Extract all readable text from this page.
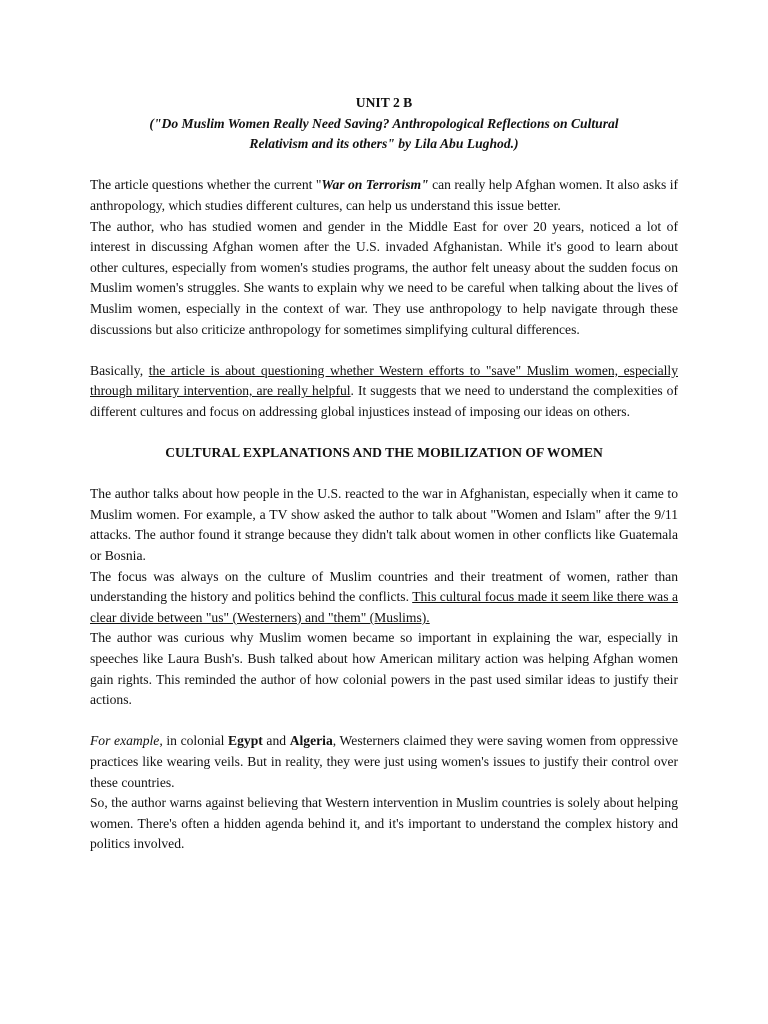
UNIT 2 B
("Do Muslim Women Really Need Saving? Anthropological Reflections on Cultural
Relativism and its others" by Lila Abu Lughod.)

The article questions whether the current "War on Terrorism" can really help Afghan women. It also asks if anthropology, which studies different cultures, can help us understand this issue better.

The author, who has studied women and gender in the Middle East for over 20 years, noticed a lot of interest in discussing Afghan women after the U.S. invaded Afghanistan. While it's good to learn about other cultures, especially from women's studies programs, the author felt uneasy about the sudden focus on Muslim women's struggles. She wants to explain why we need to be careful when talking about the lives of Muslim women, especially in the context of war. They use anthropology to help navigate through these discussions but also criticize anthropology for sometimes simplifying cultural differences.

Basically, the article is about questioning whether Western efforts to "save" Muslim women, especially through military intervention, are really helpful. It suggests that we need to understand the complexities of different cultures and focus on addressing global injustices instead of imposing our ideas on others.

CULTURAL EXPLANATIONS AND THE MOBILIZATION OF WOMEN

The author talks about how people in the U.S. reacted to the war in Afghanistan, especially when it came to Muslim women. For example, a TV show asked the author to talk about "Women and Islam" after the 9/11 attacks. The author found it strange because they didn't talk about women in other conflicts like Guatemala or Bosnia.

The focus was always on the culture of Muslim countries and their treatment of women, rather than understanding the history and politics behind the conflicts. This cultural focus made it seem like there was a clear divide between "us" (Westerners) and "them" (Muslims).

The author was curious why Muslim women became so important in explaining the war, especially in speeches like Laura Bush's. Bush talked about how American military action was helping Afghan women gain rights. This reminded the author of how colonial powers in the past used similar ideas to justify their actions.

For example, in colonial Egypt and Algeria, Westerners claimed they were saving women from oppressive practices like wearing veils. But in reality, they were just using women's issues to justify their control over these countries.

So, the author warns against believing that Western intervention in Muslim countries is solely about helping women. There's often a hidden agenda behind it, and it's important to understand the complex history and politics involved.
